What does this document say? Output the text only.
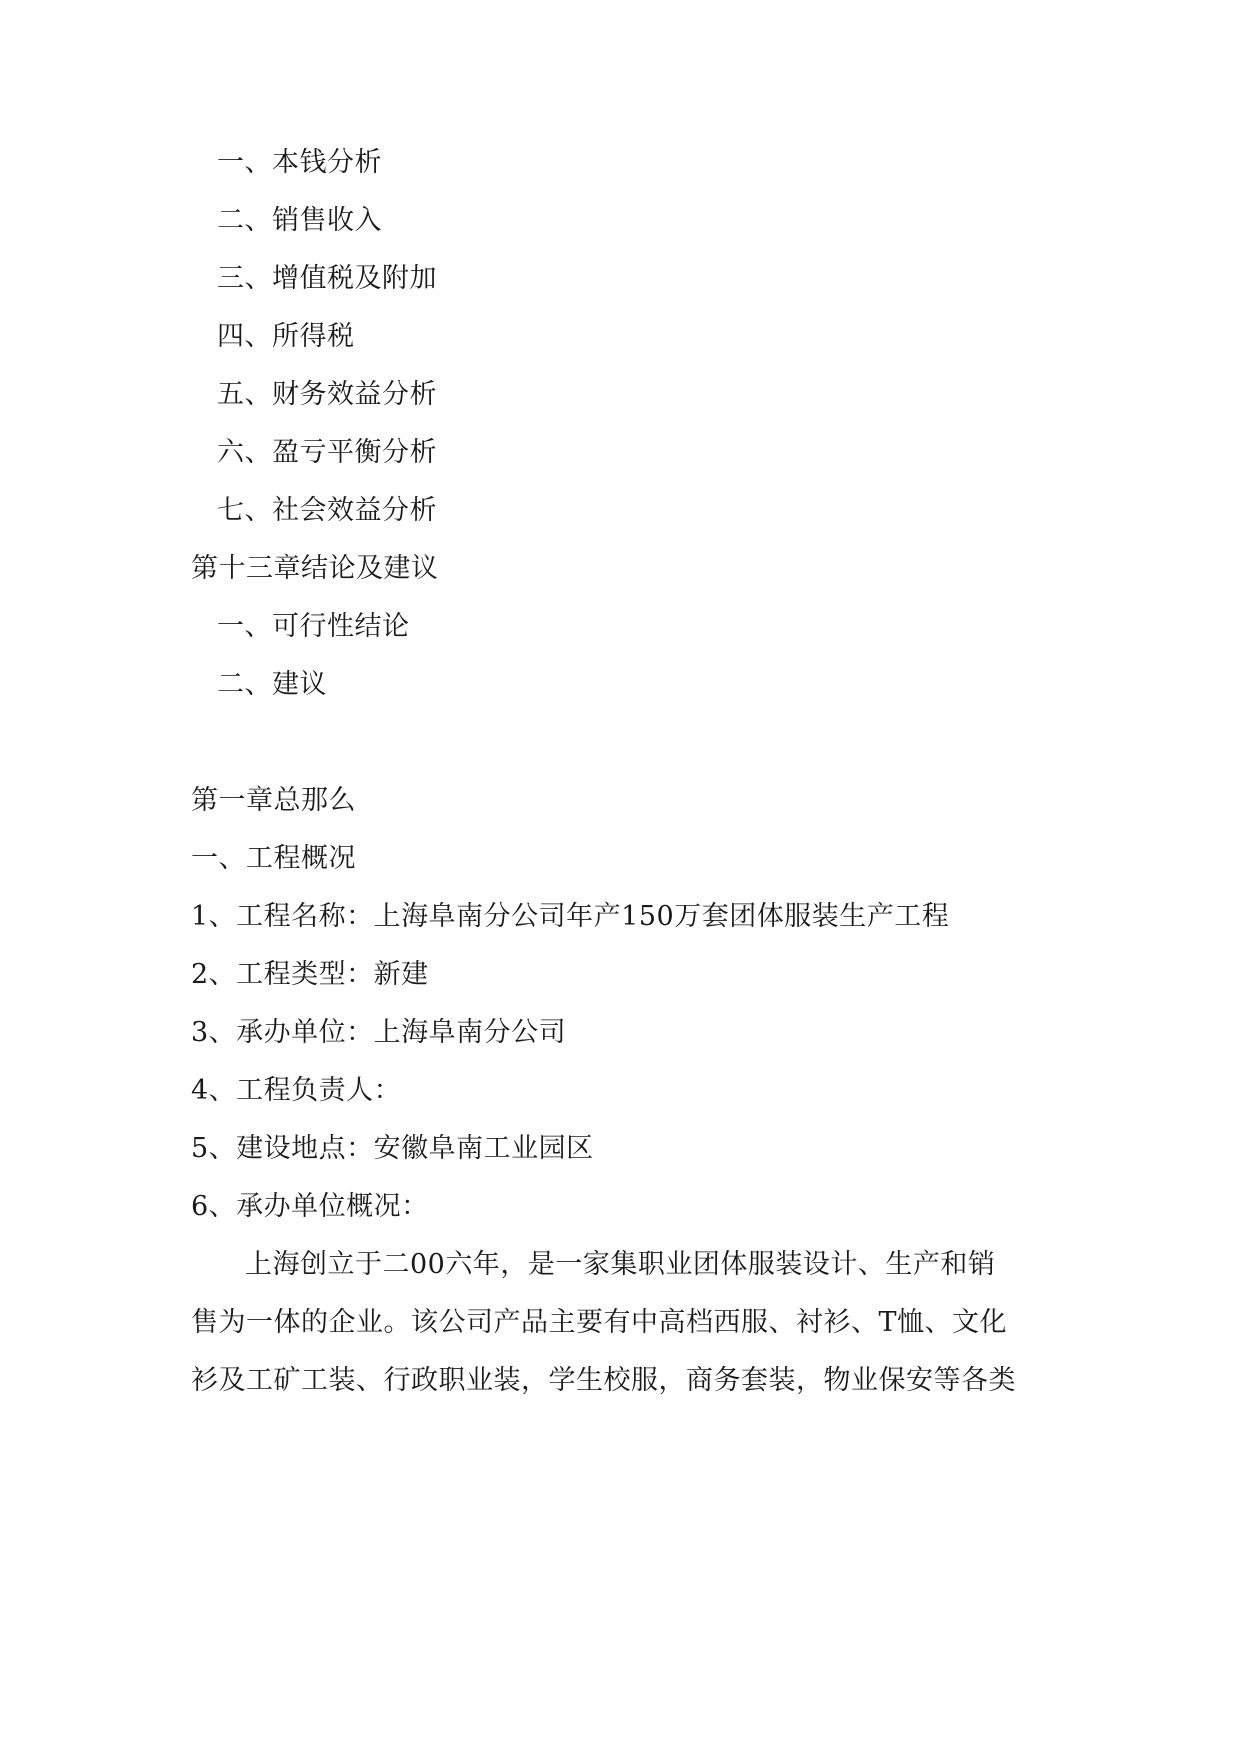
一、本钱分析
二、销售收入
三、增值税及附加
四、所得税
五、财务效益分析
六、盈亏平衡分析
七、社会效益分析
第十三章结论及建议
一、可行性结论
二、建议
第一章总那么
一、工程概况
1、工程名称：上海阜南分公司年产150万套团体服装生产工程
2、工程类型：新建
3、承办单位：上海阜南分公司
4、工程负责人：
5、建设地点：安徽阜南工业园区
6、承办单位概况：
上海创立于二00六年，是一家集职业团体服装设计、生产和销
售为一体的企业。该公司产品主要有中高档西服、衬衫、T恤、文化
衫及工矿工装、行政职业装，学生校服，商务套装，物业保安等各类
